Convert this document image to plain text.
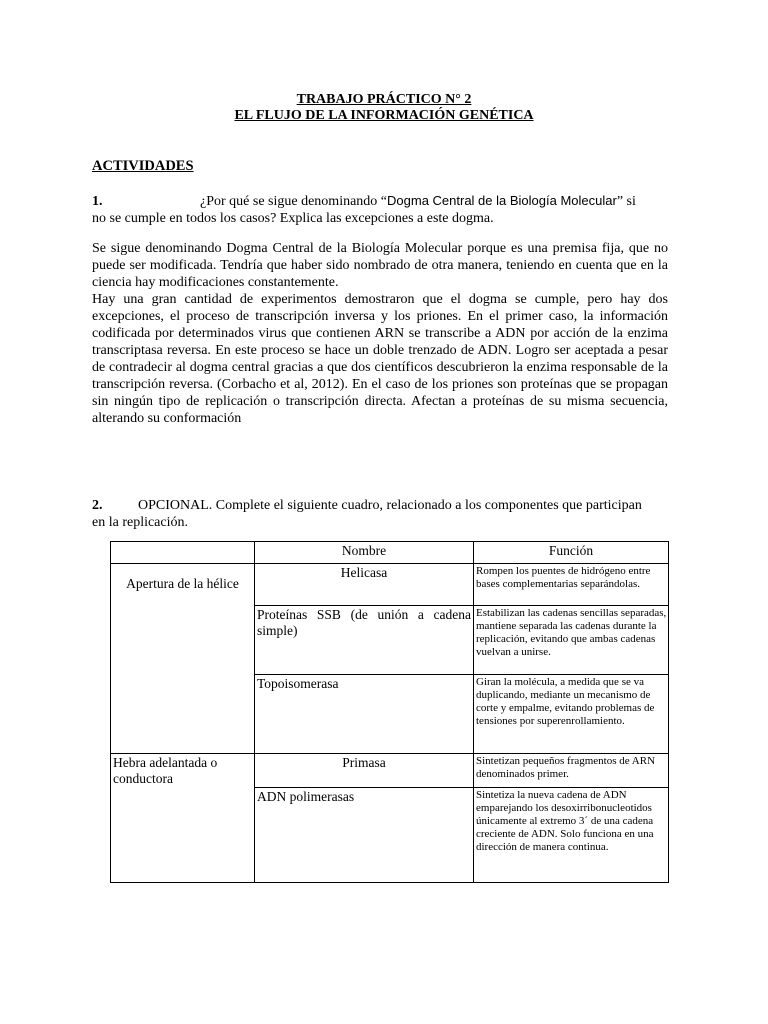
TRABAJO PRÁCTICO N° 2
EL FLUJO DE LA INFORMACIÓN GENÉTICA
ACTIVIDADES
1.	¿Por qué se sigue denominando “Dogma Central de la Biología Molecular” si no se cumple en todos los casos? Explica las excepciones a este dogma.

Se sigue denominando Dogma Central de la Biología Molecular porque es una premisa fija, que no puede ser modificada. Tendría que haber sido nombrado de otra manera, teniendo en cuenta que en la ciencia hay modificaciones constantemente.

Hay una gran cantidad de experimentos demostraron que el dogma se cumple, pero hay dos excepciones, el proceso de transcripción inversa y los priones. En el primer caso, la información codificada por determinados virus que contienen ARN se transcribe a ADN por acción de la enzima transcriptasa reversa. En este proceso se hace un doble trenzado de ADN. Logro ser aceptada a pesar de contradecir al dogma central gracias a que dos científicos descubrieron la enzima responsable de la transcripción reversa. (Corbacho et al, 2012). En el caso de los priones son proteínas que se propagan sin ningún tipo de replicación o transcripción directa. Afectan a proteínas de su misma secuencia, alterando su conformación

2.	OPCIONAL. Complete el siguiente cuadro, relacionado a los componentes que participan en la replicación.
	Nombre	Función
Apertura de la hélice	Helicasa	Rompen los puentes de hidrógeno entre bases complementarias separándolas.
	Proteínas SSB (de unión a cadena simple)	Estabilizan las cadenas sencillas separadas, mantiene separada las cadenas durante la replicación, evitando que ambas cadenas vuelvan a unirse.
	Topoisomerasa	Giran la molécula, a medida que se va duplicando, mediante un mecanismo de corte y empalme, evitando problemas de tensiones por superenrollamiento.
Hebra adelantada o conductora	Primasa	Sintetizan pequeños fragmentos de ARN denominados primer.
	ADN polimerasas	Sintetiza la nueva cadena de ADN emparejando los desoxirribonucleotidos únicamente al extremo 3´ de una cadena creciente de ADN. Solo funciona en una dirección de manera continua.
